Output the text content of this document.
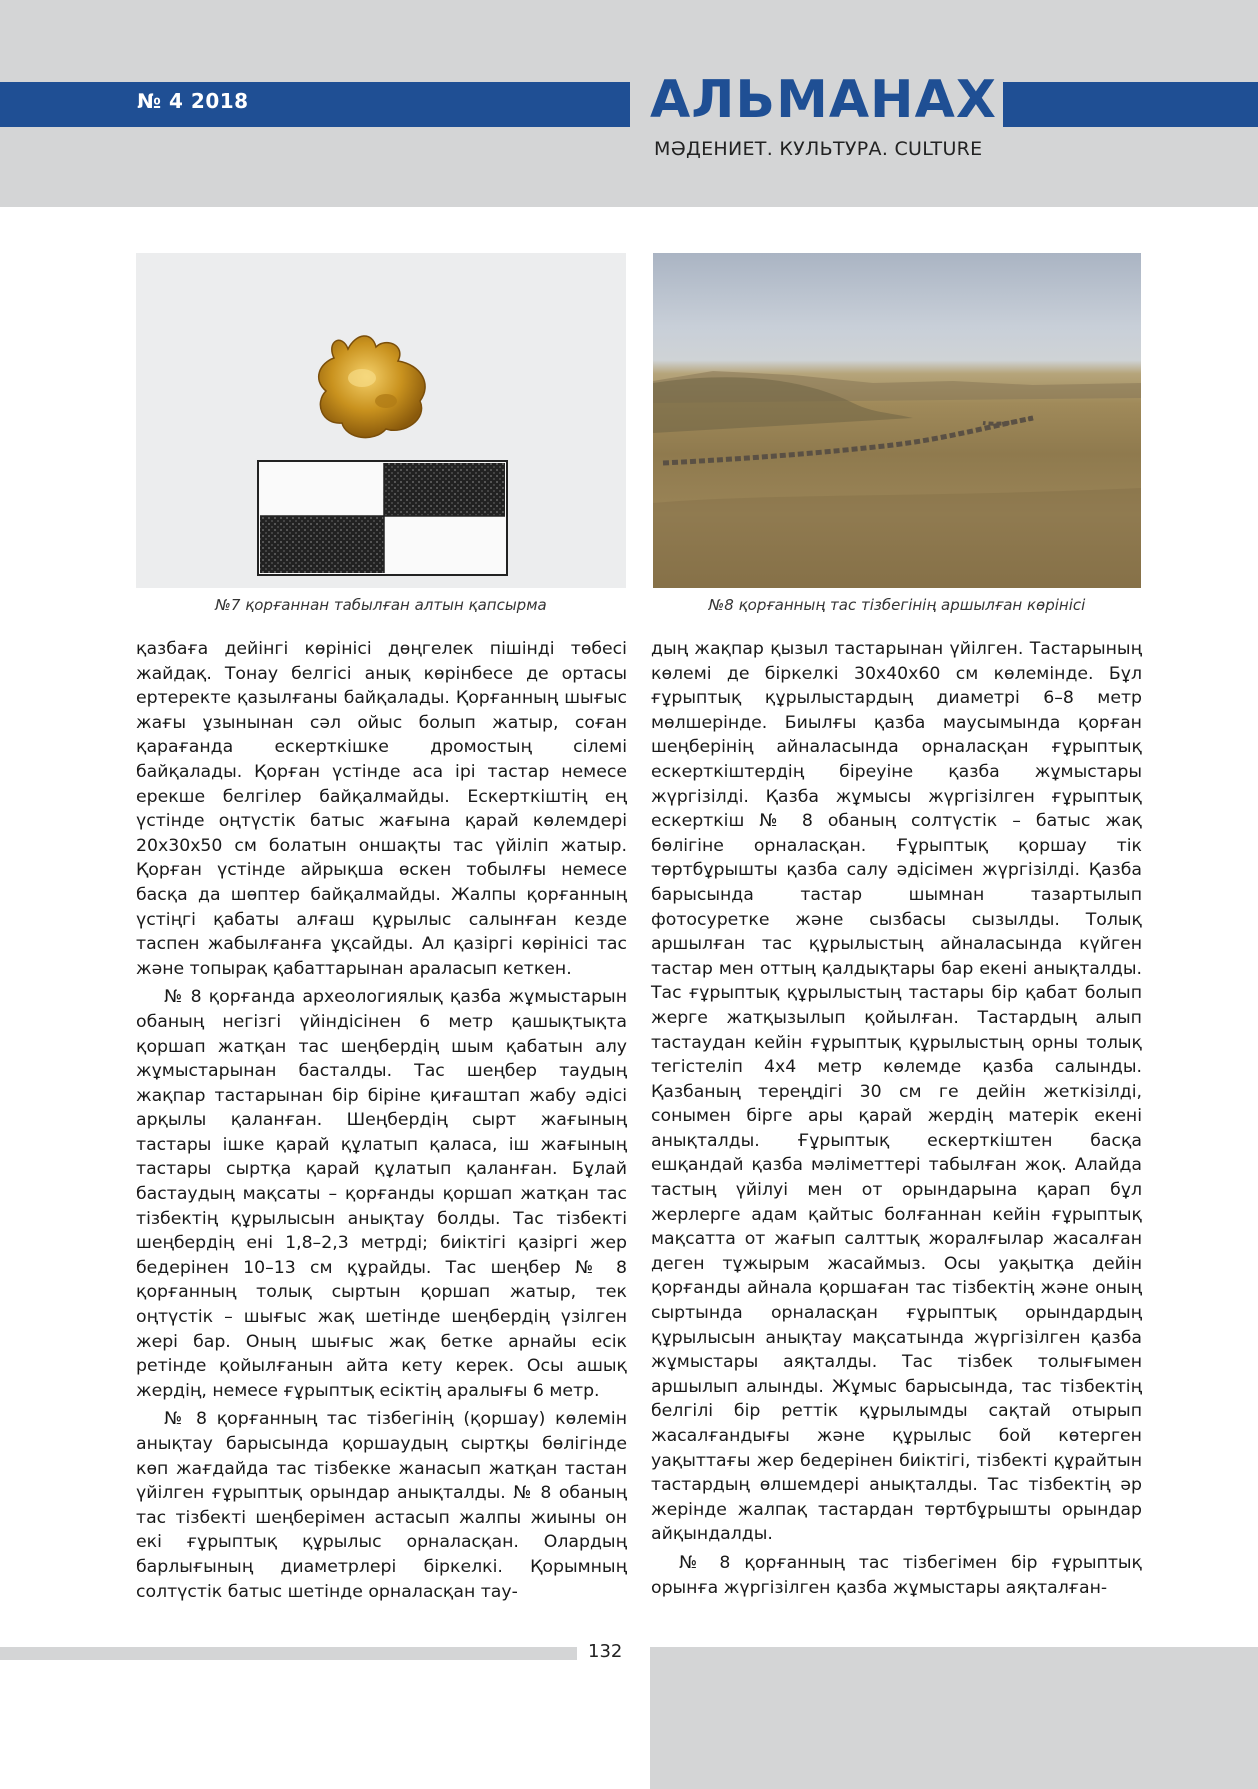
№ 4 2018	АЛЬМАНАХ
МӘДЕНИЕТ. КУЛЬТУРА. CULTURE
№7 қорғаннан табылған алтын қапсырма	№8 қорғанның тас тізбегінің аршылған көрінісі

қазбаға дейінгі көрінісі дөңгелек пішінді төбесі жайдақ. Тонау белгісі анық көрінбесе де ортасы ертеректе қазылғаны байқалады. Қорғанның шығыс жағы ұзынынан сәл ойыс болып жатыр, соған қарағанда ескерткішке дромостың сілемі байқалады. Қорған үстінде аса ірі тастар немесе ерекше белгілер байқалмайды. Ескерткіштің ең үстінде оңтүстік батыс жағына қарай көлемдері 20х30х50 см болатын оншақты тас үйіліп жатыр. Қорған үстінде айрықша өскен тобылғы немесе басқа да шөптер байқалмайды. Жалпы қорғанның үстіңгі қабаты алғаш құрылыс салынған кезде таспен жабылғанға ұқсайды. Ал қазіргі көрінісі тас және топырақ қабаттарынан араласып кеткен.

№ 8 қорғанда археологиялық қазба жұмыстарын обаның негізгі үйіндісінен 6 метр қашықтықта қоршап жатқан тас шеңбердің шым қабатын алу жұмыстарынан басталды. Тас шеңбер таудың жақпар тастарынан бір біріне қиғаштап жабу әдісі арқылы қаланған. Шеңбердің сырт жағының тастары ішке қарай құлатып қаласа, іш жағының тастары сыртқа қарай құлатып қаланған. Бұлай бастаудың мақсаты – қорғанды қоршап жатқан тас тізбектің құрылысын анықтау болды. Тас тізбекті шеңбердің ені 1,8–2,3 метрді; биіктігі қазіргі жер бедерінен 10–13 см құрайды. Тас шеңбер № 8 қорғанның толық сыртын қоршап жатыр, тек оңтүстік – шығыс жақ шетінде шеңбердің үзілген жері бар. Оның шығыс жақ бетке арнайы есік ретінде қойылғанын айта кету керек. Осы ашық жердің, немесе ғұрыптық есіктің аралығы 6 метр.

№ 8 қорғанның тас тізбегінің (қоршау) көлемін анықтау барысында қоршаудың сыртқы бөлігінде көп жағдайда тас тізбекке жанасып жатқан тастан үйілген ғұрыптық орындар анықталды. № 8 обаның тас тізбекті шеңберімен астасып жалпы жиыны он екі ғұрыптық құрылыс орналасқан. Олардың барлығының диаметрлері біркелкі. Қорымның солтүстік батыс шетінде орналасқан тау-

дың жақпар қызыл тастарынан үйілген. Тастарының көлемі де біркелкі 30х40х60 см көлемінде. Бұл ғұрыптық құрылыстардың диаметрі 6–8 метр мөлшерінде. Биылғы қазба маусымында қорған шеңберінің айналасында орналасқан ғұрыптық ескерткіштердің біреуіне қазба жұмыстары жүргізілді. Қазба жұмысы жүргізілген ғұрыптық ескерткіш № 8 обаның солтүстік – батыс жақ бөлігіне орналасқан. Ғұрыптық қоршау тік төртбұрышты қазба салу әдісімен жүргізілді. Қазба барысында тастар шымнан тазартылып фотосуретке және сызбасы сызылды. Толық аршылған тас құрылыстың айналасында күйген тастар мен оттың қалдықтары бар екені анықталды. Тас ғұрыптық құрылыстың тастары бір қабат болып жерге жатқызылып қойылған. Тастардың алып тастаудан кейін ғұрыптық құрылыстың орны толық тегістеліп 4х4 метр көлемде қазба салынды. Қазбаның тереңдігі 30 см ге дейін жеткізілді, сонымен бірге ары қарай жердің матерік екені анықталды. Ғұрыптық ескерткіштен басқа ешқандай қазба мәліметтері табылған жоқ. Алайда тастың үйілуі мен от орындарына қарап бұл жерлерге адам қайтыс болғаннан кейін ғұрыптық мақсатта от жағып салттық жоралғылар жасалған деген тұжырым жасаймыз. Осы уақытқа дейін қорғанды айнала қоршаған тас тізбектің және оның сыртында орналасқан ғұрыптық орындардың құрылысын анықтау мақсатында жүргізілген қазба жұмыстары аяқталды. Тас тізбек толығымен аршылып алынды. Жұмыс барысында, тас тізбектің белгілі бір реттік құрылымды сақтай отырып жасалғандығы және құрылыс бой көтерген уақыттағы жер бедерінен биіктігі, тізбекті құрайтын тастардың өлшемдері анықталды. Тас тізбектің әр жерінде жалпақ тастардан төртбұрышты орындар айқындалды.

№ 8 қорғанның тас тізбегімен бір ғұрыптық орынға жүргізілген қазба жұмыстары аяқталған-

132
